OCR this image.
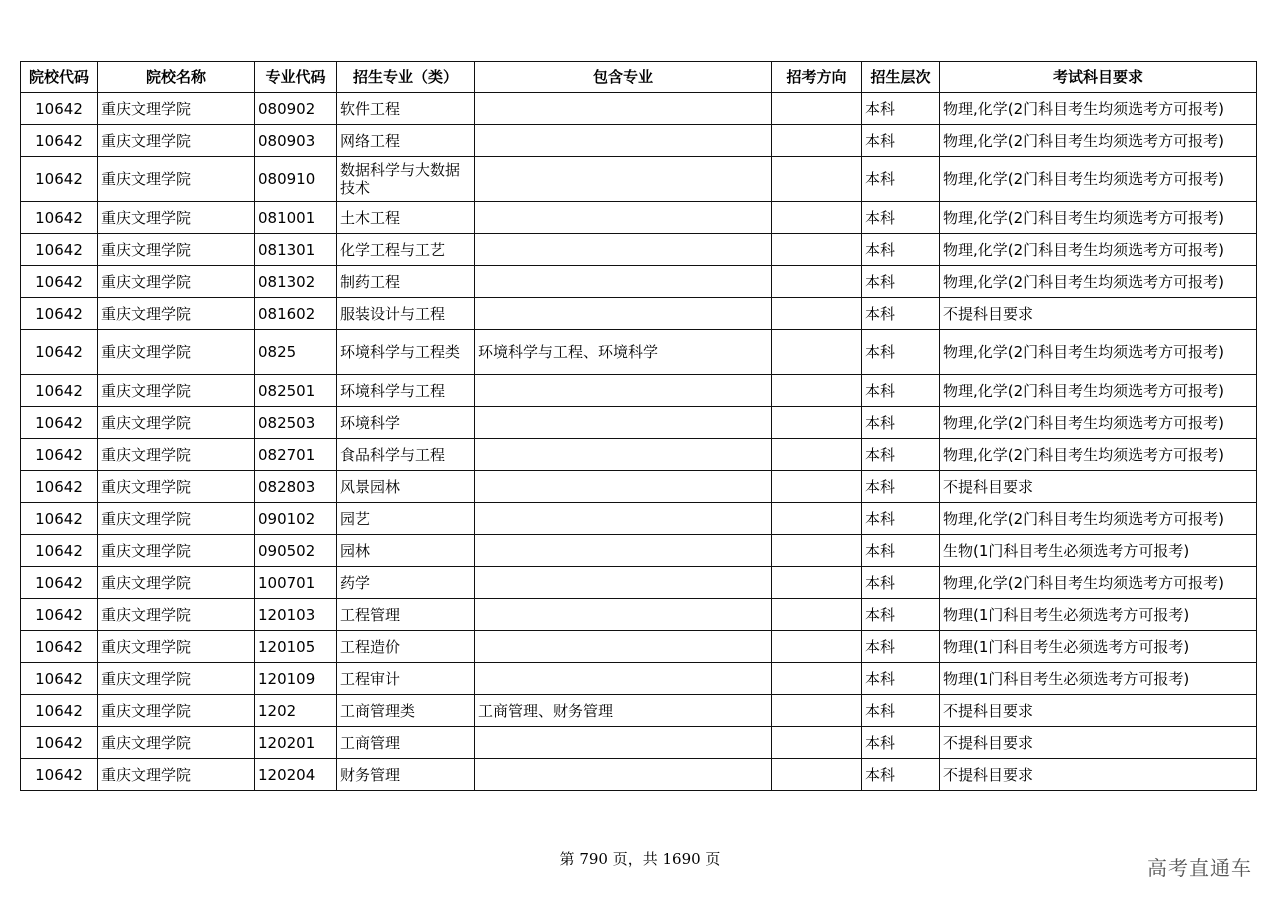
院校代码	院校名称	专业代码	招生专业（类）	包含专业	招考方向	招生层次	考试科目要求
10642	重庆文理学院	080902	软件工程			本科	物理,化学(2门科目考生均须选考方可报考)
10642	重庆文理学院	080903	网络工程			本科	物理,化学(2门科目考生均须选考方可报考)
10642	重庆文理学院	080910	数据科学与大数据技术			本科	物理,化学(2门科目考生均须选考方可报考)
10642	重庆文理学院	081001	土木工程			本科	物理,化学(2门科目考生均须选考方可报考)
10642	重庆文理学院	081301	化学工程与工艺			本科	物理,化学(2门科目考生均须选考方可报考)
10642	重庆文理学院	081302	制药工程			本科	物理,化学(2门科目考生均须选考方可报考)
10642	重庆文理学院	081602	服装设计与工程			本科	不提科目要求
10642	重庆文理学院	0825	环境科学与工程类	环境科学与工程、环境科学		本科	物理,化学(2门科目考生均须选考方可报考)
10642	重庆文理学院	082501	环境科学与工程			本科	物理,化学(2门科目考生均须选考方可报考)
10642	重庆文理学院	082503	环境科学			本科	物理,化学(2门科目考生均须选考方可报考)
10642	重庆文理学院	082701	食品科学与工程			本科	物理,化学(2门科目考生均须选考方可报考)
10642	重庆文理学院	082803	风景园林			本科	不提科目要求
10642	重庆文理学院	090102	园艺			本科	物理,化学(2门科目考生均须选考方可报考)
10642	重庆文理学院	090502	园林			本科	生物(1门科目考生必须选考方可报考)
10642	重庆文理学院	100701	药学			本科	物理,化学(2门科目考生均须选考方可报考)
10642	重庆文理学院	120103	工程管理			本科	物理(1门科目考生必须选考方可报考)
10642	重庆文理学院	120105	工程造价			本科	物理(1门科目考生必须选考方可报考)
10642	重庆文理学院	120109	工程审计			本科	物理(1门科目考生必须选考方可报考)
10642	重庆文理学院	1202	工商管理类	工商管理、财务管理		本科	不提科目要求
10642	重庆文理学院	120201	工商管理			本科	不提科目要求
10642	重庆文理学院	120204	财务管理			本科	不提科目要求
第 790 页，共 1690 页	高考直通车
